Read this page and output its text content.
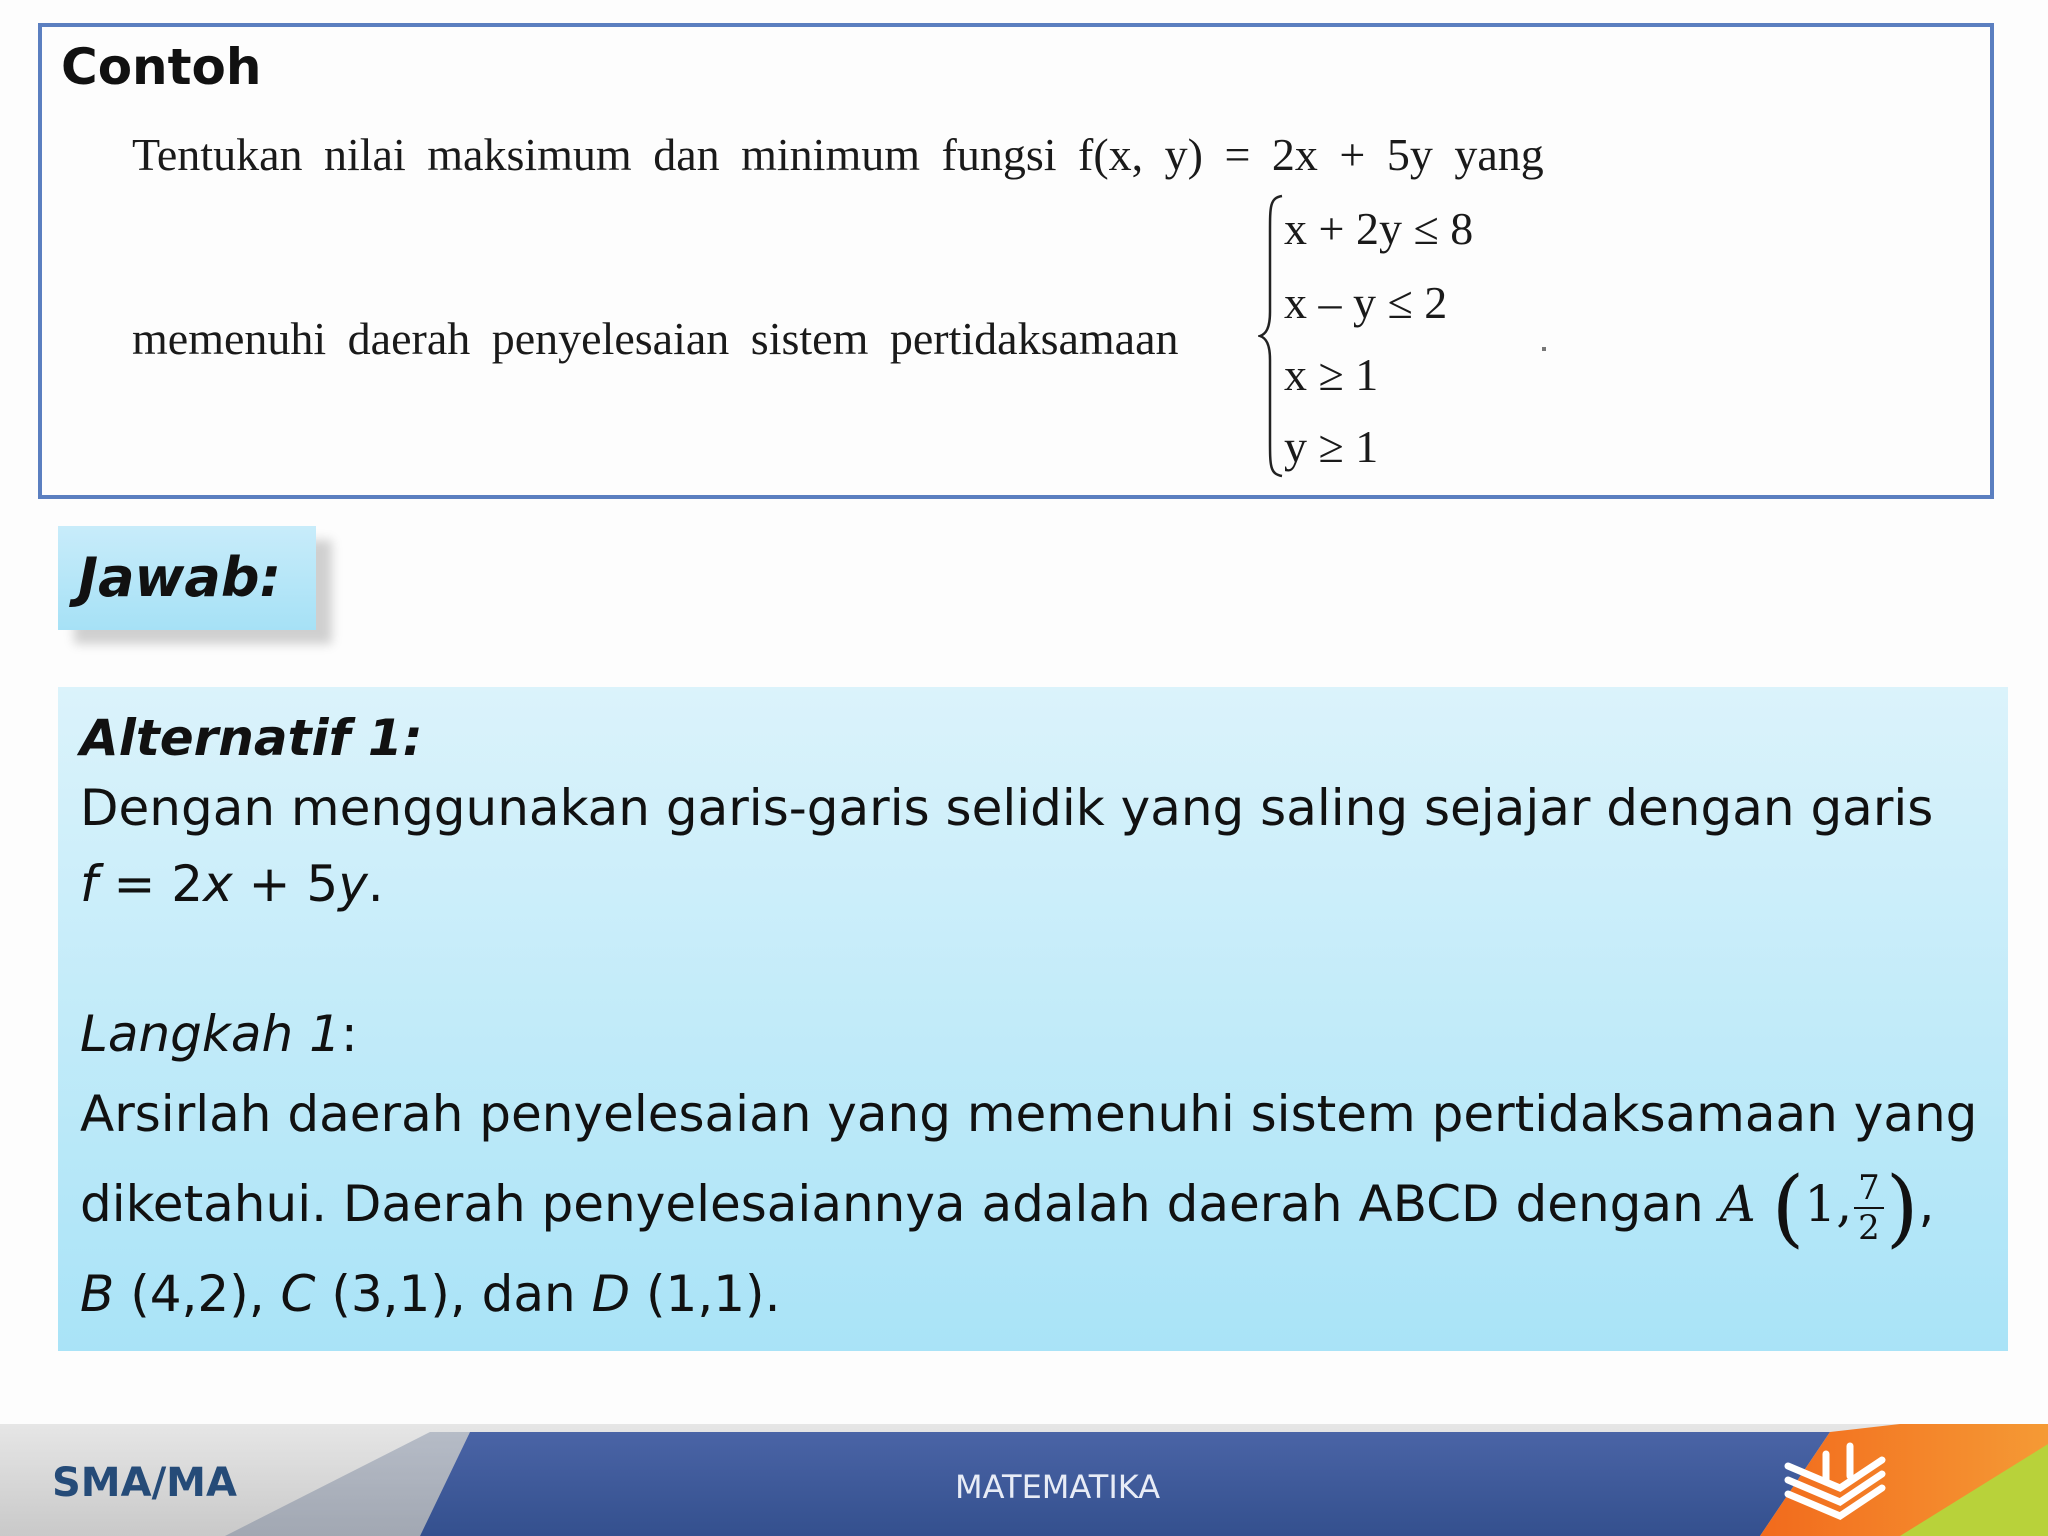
Contoh
Tentukan nilai maksimum dan minimum fungsi f(x, y) = 2x + 5y yang
memenuhi daerah penyelesaian sistem pertidaksamaan
x + 2y ≤ 8
x – y ≤ 2
x ≥ 1
y ≥ 1
Jawab:
Alternatif 1:
Dengan menggunakan garis-garis selidik yang saling sejajar dengan garis
f = 2x + 5y.
Langkah 1:
Arsirlah daerah penyelesaian yang memenuhi sistem pertidaksamaan yang
diketahui. Daerah penyelesaiannya adalah daerah ABCD dengan A (1, $\frac{7}{2}$ ),
B (4,2), C (3,1), dan D (1,1).
SMA/MA	MATEMATIKA
